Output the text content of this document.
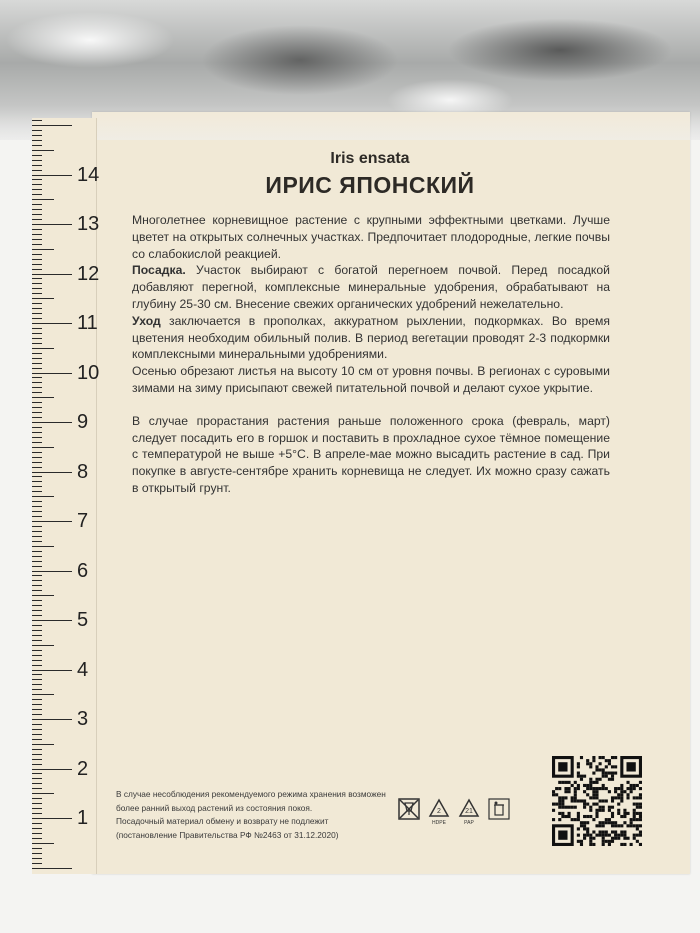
14
13
12
11
10
9
8
7
6
5
4
3
2
1
Iris ensata
ИРИС ЯПОНСКИЙ

Многолетнее корневищное растение с крупными эффектными цветками. Лучше цветет на открытых солнечных участках. Предпочитает плодородные, легкие почвы со слабокислой реакцией.

Посадка. Участок выбирают с богатой перегноем почвой. Перед посадкой добавляют перегной, комплексные минеральные удобрения, обрабатывают на глубину 25-30 см. Внесение свежих органических удобрений нежелательно.

Уход заключается в прополках, аккуратном рыхлении, подкормках. Во время цветения необходим обильный полив. В период вегетации проводят 2-3 подкормки комплексными минеральными удобрениями.

Осенью обрезают листья на высоту 10 см от уровня почвы. В регионах с суровыми зимами на зиму присыпают свежей питательной почвой и делают сухое укрытие.

В случае прорастания растения раньше положенного срока (февраль, март) следует посадить его в горшок и поставить в прохладное сухое тёмное помещение с температурой не выше +5°С. В апреле-мае можно высадить растение в сад. При покупке в августе-сентябре хранить корневища не следует. Их можно сразу сажать в открытый грунт.

В случае несоблюдения рекомендуемого режима хранения возможен

более ранний выход растений из состояния покоя.

Посадочный материал обмену и возврату не подлежит

(постановление Правительства РФ №2463 от 31.12.2020)

2
HDPE
21
PAP
